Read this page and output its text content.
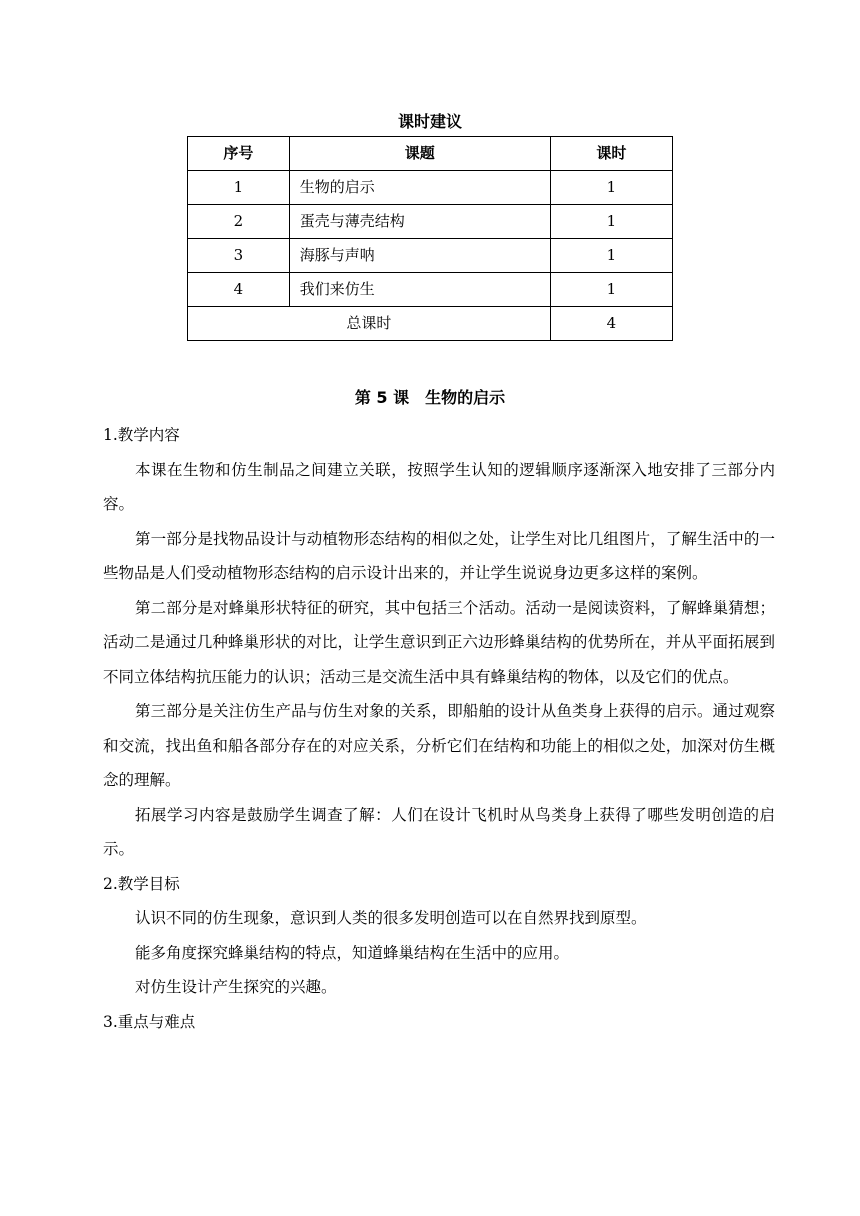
课时建议
序号	课题	课时
1	生物的启示	1
2	蛋壳与薄壳结构	1
3	海豚与声呐	1
4	我们来仿生	1
总课时		4
第 5 课　生物的启示

1.教学内容

本课在生物和仿生制品之间建立关联，按照学生认知的逻辑顺序逐渐深入地安排了三部分内容。

第一部分是找物品设计与动植物形态结构的相似之处，让学生对比几组图片，了解生活中的一些物品是人们受动植物形态结构的启示设计出来的，并让学生说说身边更多这样的案例。

第二部分是对蜂巢形状特征的研究，其中包括三个活动。活动一是阅读资料，了解蜂巢猜想；活动二是通过几种蜂巢形状的对比，让学生意识到正六边形蜂巢结构的优势所在，并从平面拓展到不同立体结构抗压能力的认识；活动三是交流生活中具有蜂巢结构的物体，以及它们的优点。

第三部分是关注仿生产品与仿生对象的关系，即船舶的设计从鱼类身上获得的启示。通过观察和交流，找出鱼和船各部分存在的对应关系，分析它们在结构和功能上的相似之处，加深对仿生概念的理解。

拓展学习内容是鼓励学生调查了解：人们在设计飞机时从鸟类身上获得了哪些发明创造的启示。

2.教学目标

认识不同的仿生现象，意识到人类的很多发明创造可以在自然界找到原型。

能多角度探究蜂巢结构的特点，知道蜂巢结构在生活中的应用。

对仿生设计产生探究的兴趣。

3.重点与难点
